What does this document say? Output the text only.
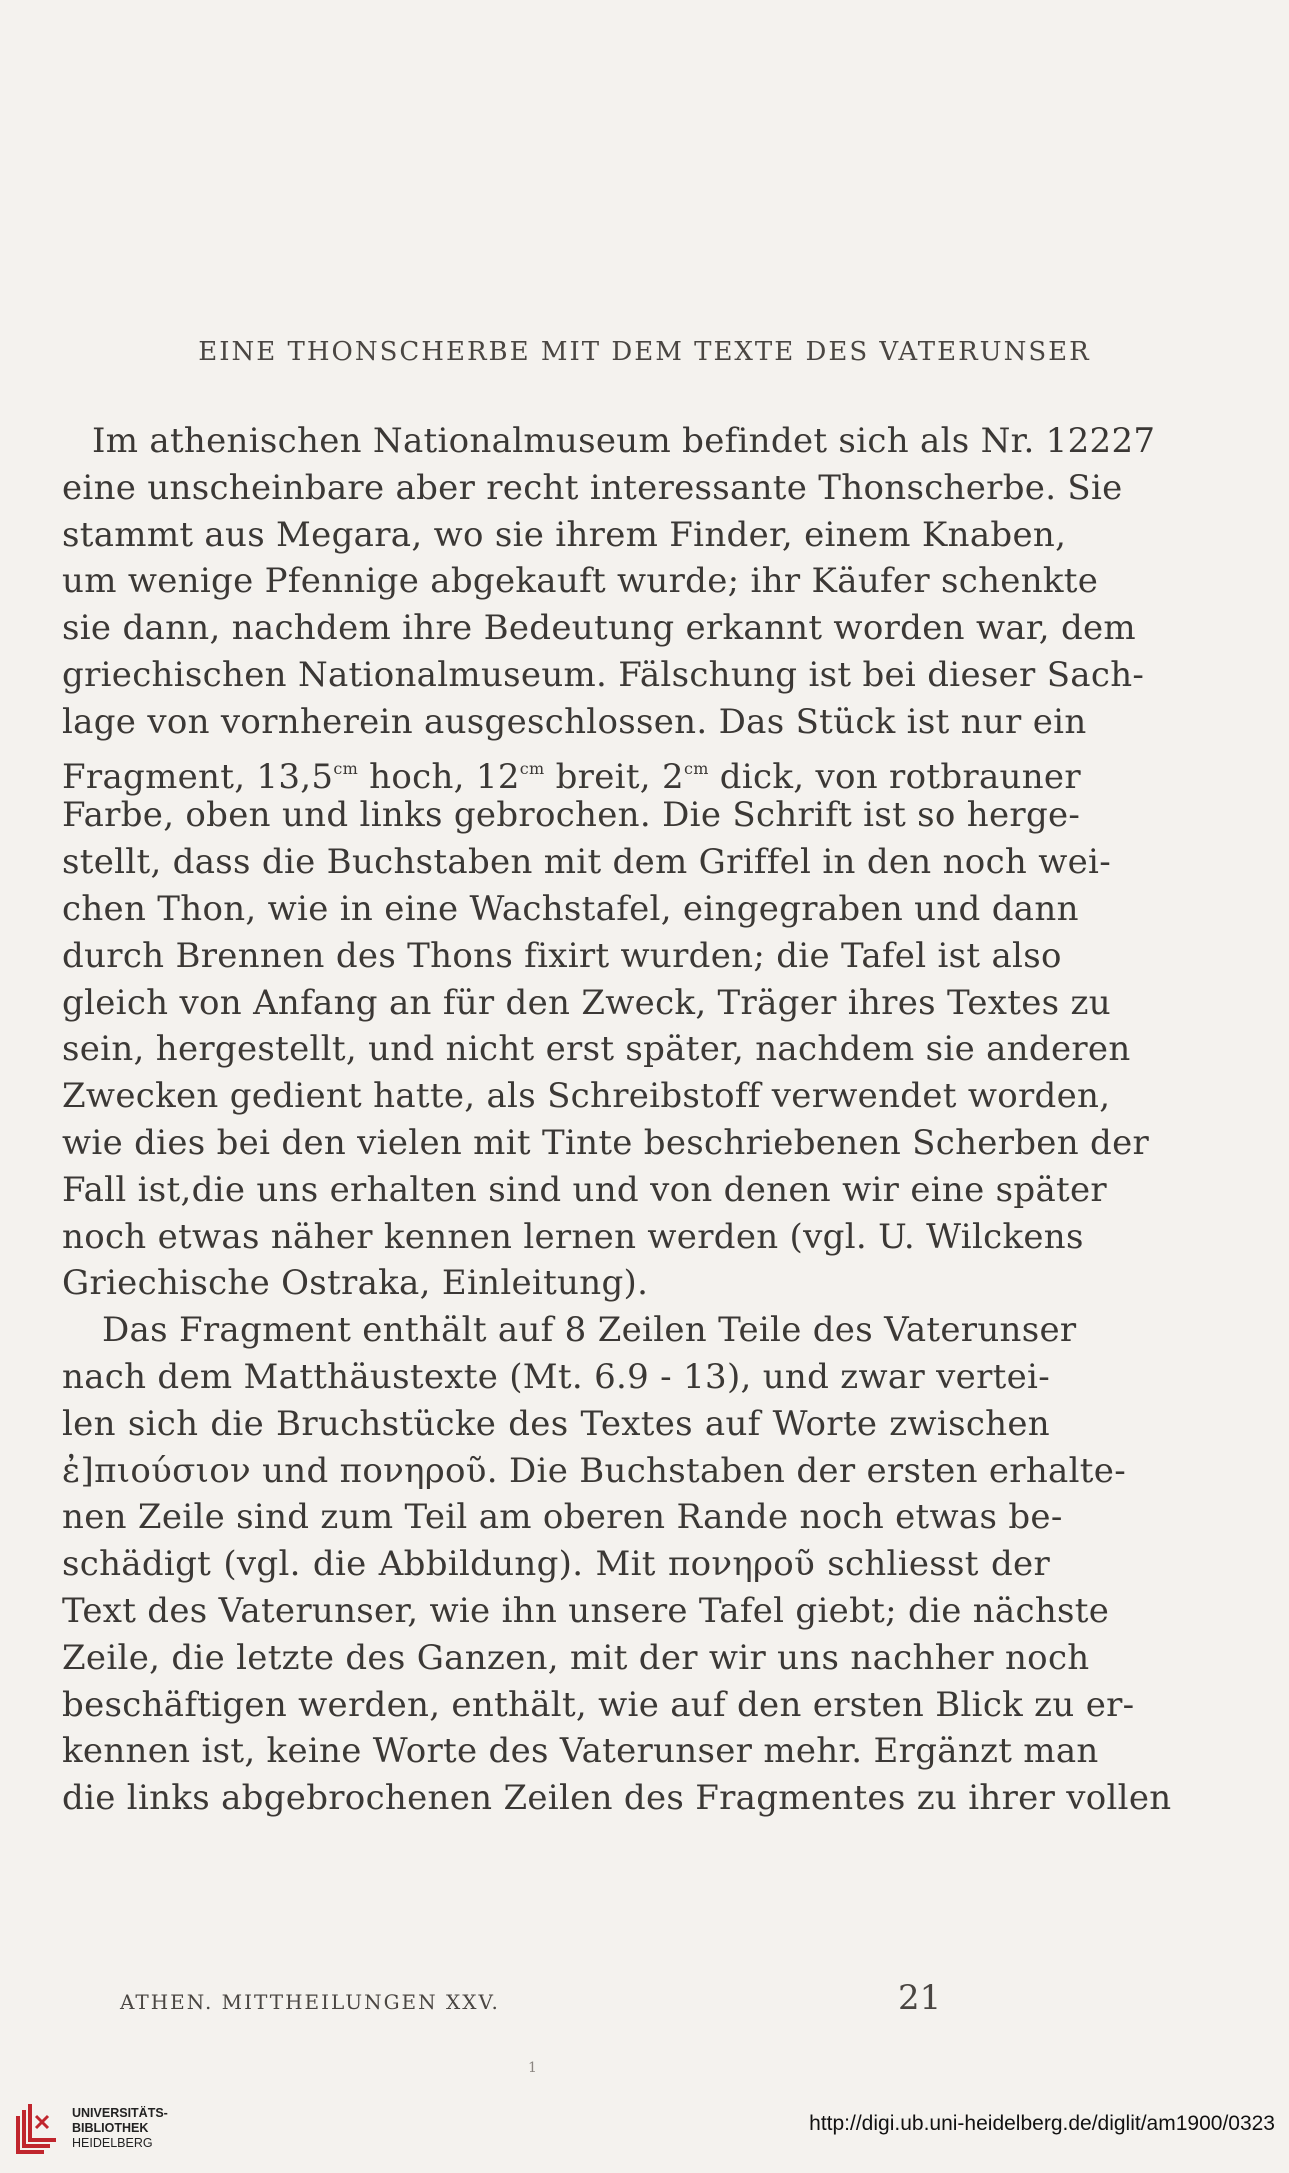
EINE THONSCHERBE MIT DEM TEXTE DES VATERUNSER
Im athenischen Nationalmuseum befindet sich als Nr. 12227
eine unscheinbare aber recht interessante Thonscherbe. Sie
stammt aus Megara, wo sie ihrem Finder, einem Knaben,
um wenige Pfennige abgekauft wurde; ihr Käufer schenkte
sie dann, nachdem ihre Bedeutung erkannt worden war, dem
griechischen Nationalmuseum. Fälschung ist bei dieser Sach-
lage von vornherein ausgeschlossen. Das Stück ist nur ein
Fragment, $13,5^{cm}$ hoch, $12^{cm}$ breit, $2^{cm}$ dick, von rotbrauner
Farbe, oben und links gebrochen. Die Schrift ist so herge-
stellt, dass die Buchstaben mit dem Griffel in den noch wei-
chen Thon, wie in eine Wachstafel, eingegraben und dann
durch Brennen des Thons fixirt wurden; die Tafel ist also
gleich von Anfang an für den Zweck, Träger ihres Textes zu
sein, hergestellt, und nicht erst später, nachdem sie anderen
Zwecken gedient hatte, als Schreibstoff verwendet worden,
wie dies bei den vielen mit Tinte beschriebenen Scherben der
Fall ist,die uns erhalten sind und von denen wir eine später
noch etwas näher kennen lernen werden (vgl. U. Wilckens
Griechische Ostraka, Einleitung).
Das Fragment enthält auf 8 Zeilen Teile des Vaterunser
nach dem Matthäustexte (Mt. 6.9 - 13), und zwar vertei-
len sich die Bruchstücke des Textes auf Worte zwischen
ἐ]πιούσιον und πονηροῦ. Die Buchstaben der ersten erhalte-
nen Zeile sind zum Teil am oberen Rande noch etwas be-
schädigt (vgl. die Abbildung). Mit πονηροῦ schliesst der
Text des Vaterunser, wie ihn unsere Tafel giebt; die nächste
Zeile, die letzte des Ganzen, mit der wir uns nachher noch
beschäftigen werden, enthält, wie auf den ersten Blick zu er-
kennen ist, keine Worte des Vaterunser mehr. Ergänzt man
die links abgebrochenen Zeilen des Fragmentes zu ihrer vollen
ATHEN. MITTHEILUNGEN XXV.	21
1
UNIVERSITÄTS-
BIBLIOTHEK
HEIDELBERG
http://digi.ub.uni-heidelberg.de/diglit/am1900/0323
